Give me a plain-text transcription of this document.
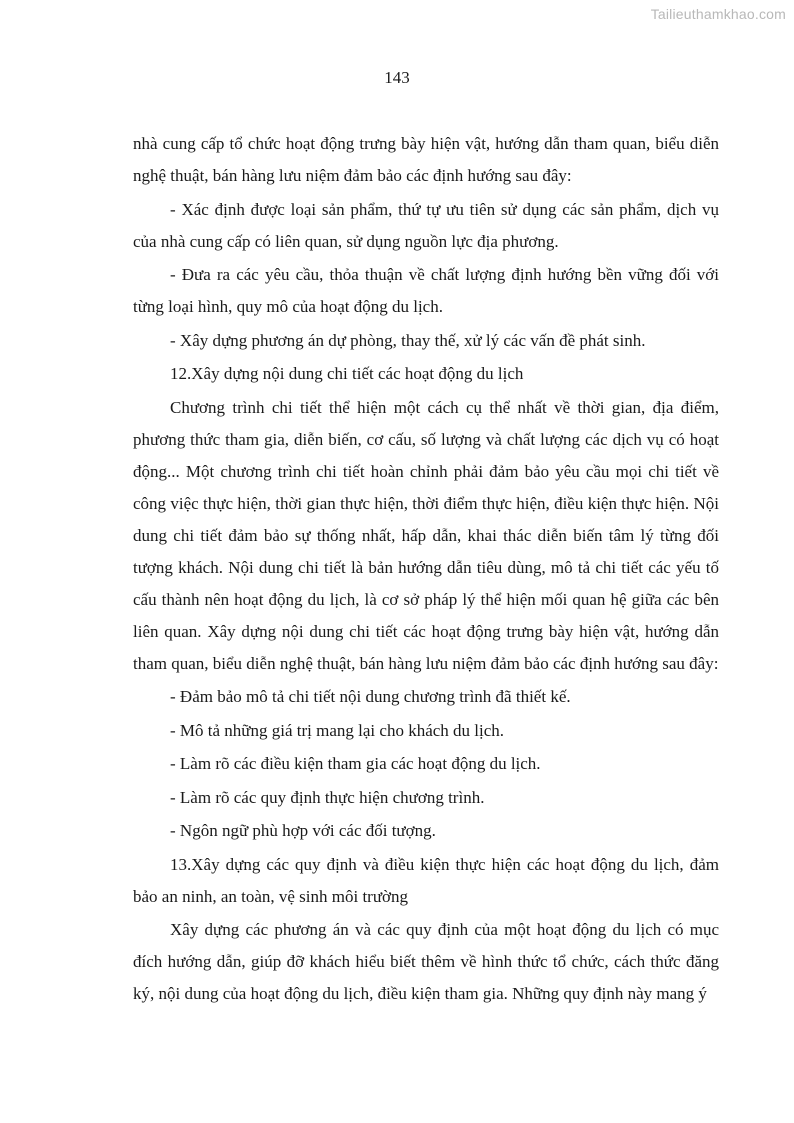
Tailieuthamkhao.com
143

nhà cung cấp tổ chức hoạt động trưng bày hiện vật, hướng dẫn tham quan, biểu diễn nghệ thuật, bán hàng lưu niệm đảm bảo các định hướng sau đây:

- Xác định được loại sản phẩm, thứ tự ưu tiên sử dụng các sản phẩm, dịch vụ của nhà cung cấp có liên quan, sử dụng nguồn lực địa phương.

- Đưa ra các yêu cầu, thỏa thuận về chất lượng định hướng bền vững đối với từng loại hình, quy mô của hoạt động du lịch.

- Xây dựng phương án dự phòng, thay thế, xử lý các vấn đề phát sinh.

12.Xây dựng nội dung chi tiết các hoạt động du lịch

Chương trình chi tiết thể hiện một cách cụ thể nhất về thời gian, địa điểm, phương thức tham gia, diễn biến, cơ cấu, số lượng và chất lượng các dịch vụ có hoạt động... Một chương trình chi tiết hoàn chỉnh phải đảm bảo yêu cầu mọi chi tiết về công việc thực hiện, thời gian thực hiện, thời điểm thực hiện, điều kiện thực hiện. Nội dung chi tiết đảm bảo sự thống nhất, hấp dẫn, khai thác diễn biến tâm lý từng đối tượng khách. Nội dung chi tiết là bản hướng dẫn tiêu dùng, mô tả chi tiết các yếu tố cấu thành nên hoạt động du lịch, là cơ sở pháp lý thể hiện mối quan hệ giữa các bên liên quan. Xây dựng nội dung chi tiết các hoạt động trưng bày hiện vật, hướng dẫn tham quan, biểu diễn nghệ thuật, bán hàng lưu niệm đảm bảo các định hướng sau đây:

- Đảm bảo mô tả chi tiết nội dung chương trình đã thiết kế.

- Mô tả những giá trị mang lại cho khách du lịch.

- Làm rõ các điều kiện tham gia các hoạt động du lịch.

- Làm rõ các quy định thực hiện chương trình.

- Ngôn ngữ phù hợp với các đối tượng.

13.Xây dựng các quy định và điều kiện thực hiện các hoạt động du lịch, đảm bảo an ninh, an toàn, vệ sinh môi trường

Xây dựng các phương án và các quy định của một hoạt động du lịch có mục đích hướng dẫn, giúp đỡ khách hiểu biết thêm về hình thức tổ chức, cách thức đăng ký, nội dung của hoạt động du lịch, điều kiện tham gia. Những quy định này mang ý
